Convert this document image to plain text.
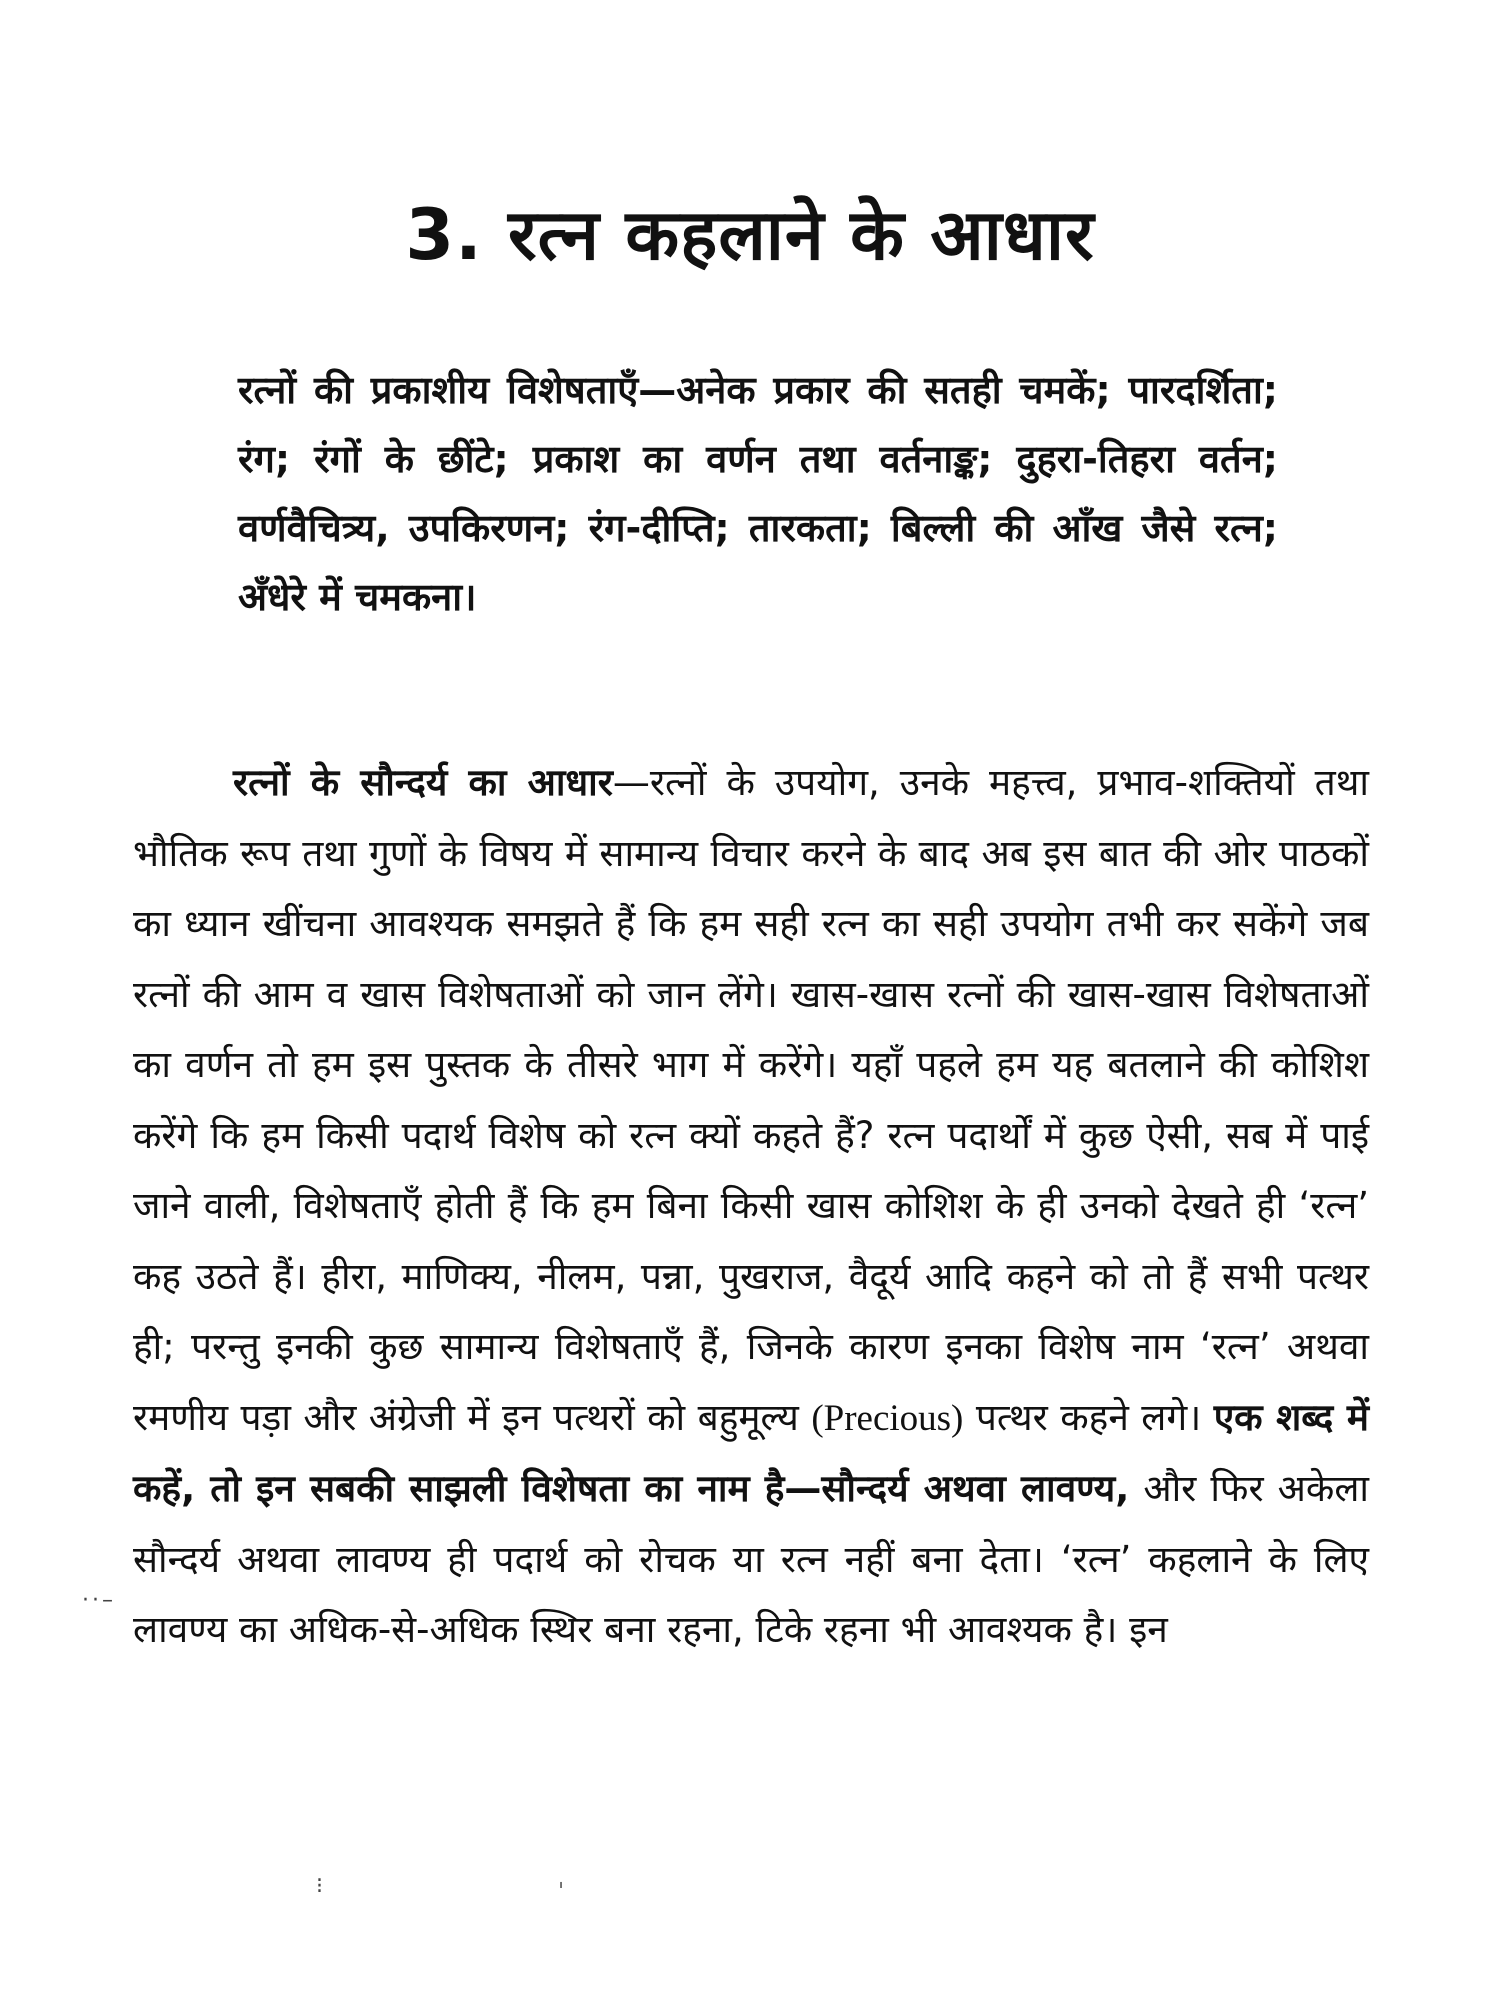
3. रत्न कहलाने के आधार

रत्नों की प्रकाशीय विशेषताएँ—अनेक प्रकार की सतही चमकें; पारदर्शिता; रंग; रंगों के छींटे; प्रकाश का वर्णन तथा वर्तनाङ्क; दुहरा-तिहरा वर्तन; वर्णवैचित्र्य, उपकिरणन; रंग-दीप्ति; तारकता; बिल्ली की आँख जैसे रत्न; अँधेरे में चमकना।

रत्नों के सौन्दर्य का आधार—रत्नों के उपयोग, उनके महत्त्व, प्रभाव-शक्तियों तथा भौतिक रूप तथा गुणों के विषय में सामान्य विचार करने के बाद अब इस बात की ओर पाठकों का ध्यान खींचना आवश्यक समझते हैं कि हम सही रत्न का सही उपयोग तभी कर सकेंगे जब रत्नों की आम व खास विशेषताओं को जान लेंगे। खास-खास रत्नों की खास-खास विशेषताओं का वर्णन तो हम इस पुस्तक के तीसरे भाग में करेंगे। यहाँ पहले हम यह बतलाने की कोशिश करेंगे कि हम किसी पदार्थ विशेष को रत्न क्यों कहते हैं? रत्न पदार्थों में कुछ ऐसी, सब में पाई जाने वाली, विशेषताएँ होती हैं कि हम बिना किसी खास कोशिश के ही उनको देखते ही ‘रत्न’ कह उठते हैं। हीरा, माणिक्य, नीलम, पन्ना, पुखराज, वैदूर्य आदि कहने को तो हैं सभी पत्थर ही; परन्तु इनकी कुछ सामान्य विशेषताएँ हैं, जिनके कारण इनका विशेष नाम ‘रत्न’ अथवा रमणीय पड़ा और अंग्रेजी में इन पत्थरों को बहुमूल्य (Precious) पत्थर कहने लगे। एक शब्द में कहें, तो इन सबकी साझली विशेषता का नाम है—सौन्दर्य अथवा लावण्य, और फिर अकेला सौन्दर्य अथवा लावण्य ही पदार्थ को रोचक या रत्न नहीं बना देता। ‘रत्न’ कहलाने के लिए लावण्य का अधिक-से-अधिक स्थिर बना रहना, टिके रहना भी आवश्यक है। इन

··–
⁝	ˈ
